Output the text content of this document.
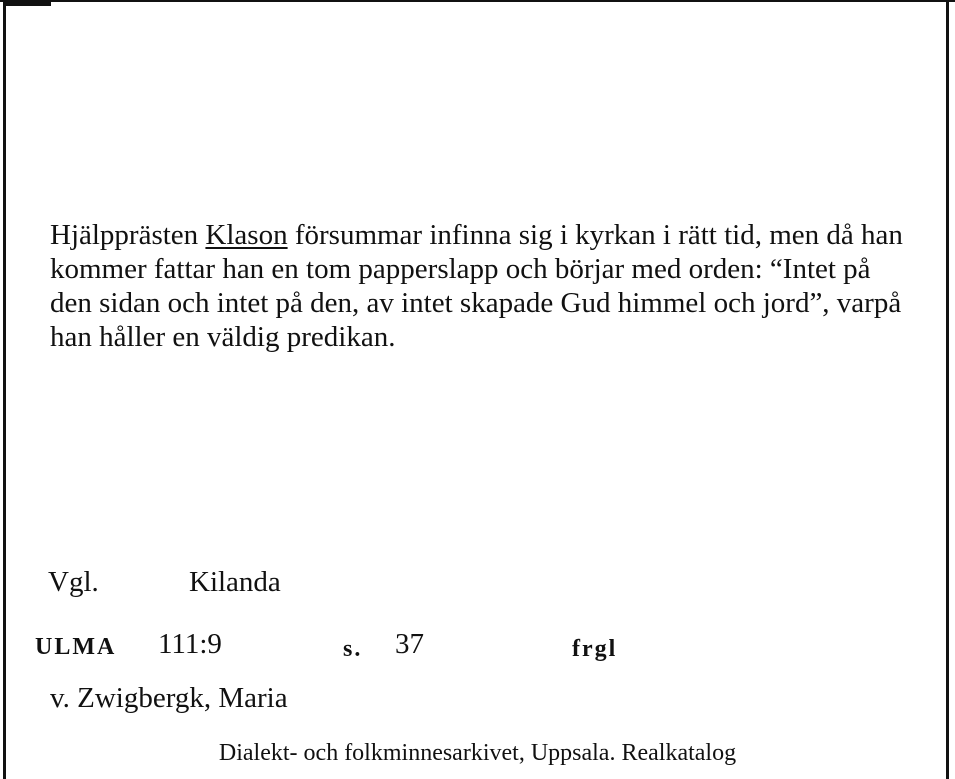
Hjälpprästen Klason försummar infinna sig i kyrkan i rätt tid, men då han kommer fattar han en tom papperslapp och börjar med orden: “Intet på den sidan och intet på den, av intet skapade Gud himmel och jord”, varpå han håller en väldig predikan.

Vgl.	Kilanda
ULMA 111:9	s. 37	frgl
v. Zwigbergk, Maria
Dialekt- och folkminnesarkivet, Uppsala. Realkatalog
